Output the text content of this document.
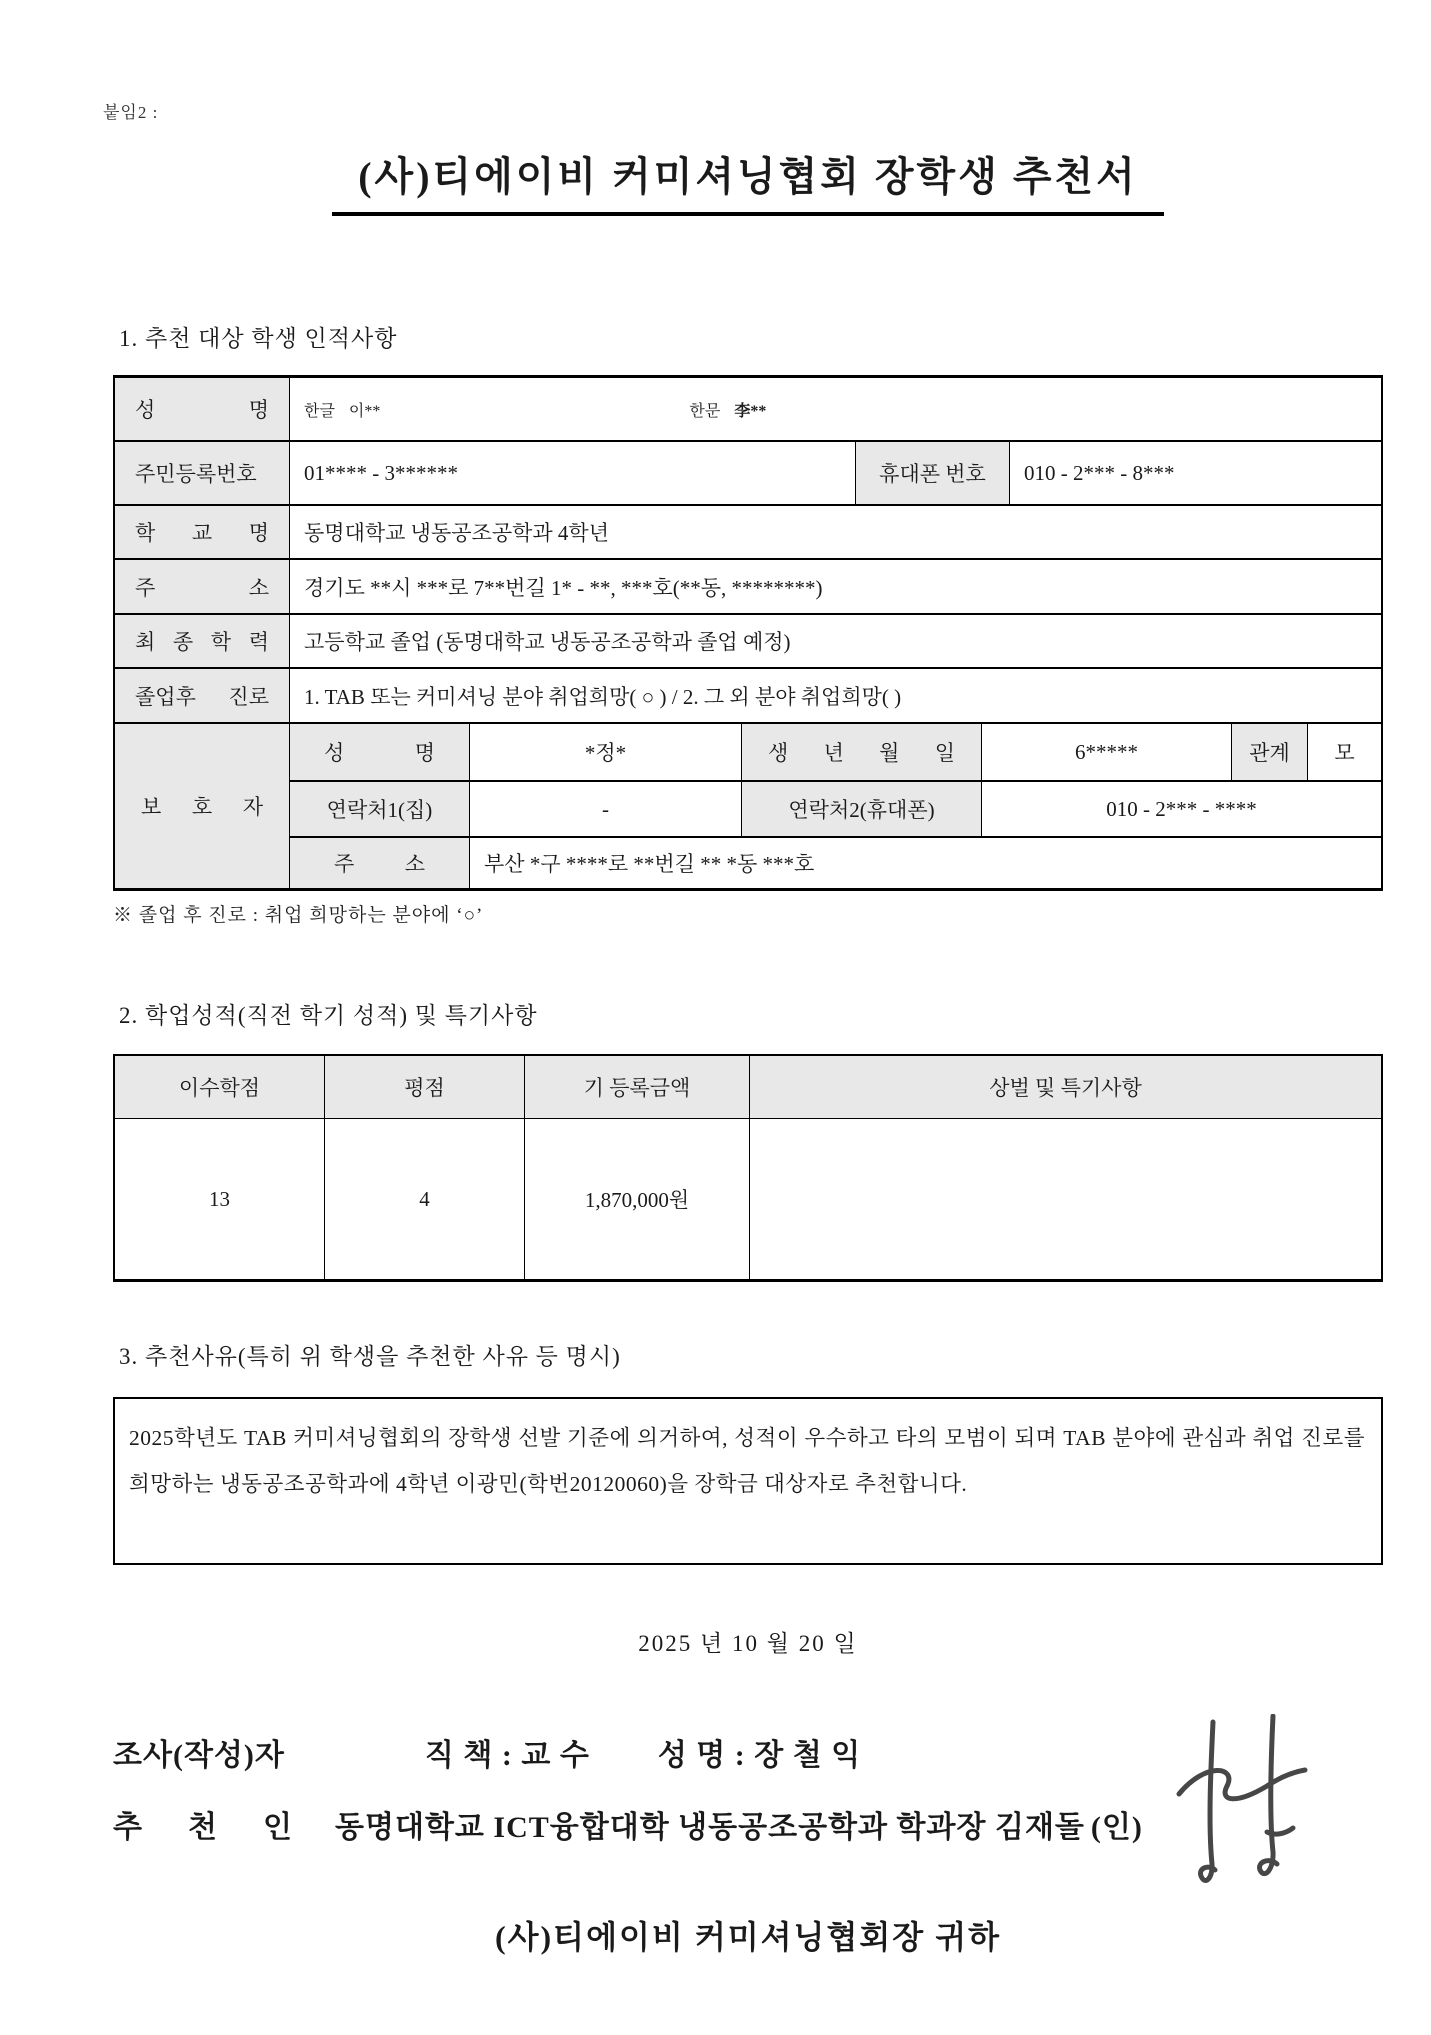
붙임2 :
(사)티에이비 커미셔닝협회 장학생 추천서
1. 추천 대상 학생 인적사항
성 명 한글 이**	한문 李**
주민등록번호	01**** - 3******	휴대폰 번호	010 - 2*** - 8***
학 교 명	동명대학교 냉동공조공학과 4학년
주 소	경기도 **시 ***로 7**번길 1* - **, ***호(**동, ********)
최 종 학 력	고등학교 졸업 (동명대학교 냉동공조공학과 졸업 예정)
졸업후 진로	1. TAB 또는 커미셔닝 분야 취업희망( ○ ) / 2. 그 외 분야 취업희망( )
보 호 자
성 명	*정*	생 년 월 일	6*****	관계	모
연락처1(집)	-	연락처2(휴대폰)	010 - 2*** - ****
주 소	부산 *구 ****로 **번길 ** *동 ***호
※ 졸업 후 진로 : 취업 희망하는 분야에 ‘○’
2. 학업성적(직전 학기 성적) 및 특기사항
이수학점	평점	기 등록금액	상벌 및 특기사항
13	4	1,870,000원
3. 추천사유(특히 위 학생을 추천한 사유 등 명시)
2025학년도 TAB 커미셔닝협회의 장학생 선발 기준에 의거하여, 성적이 우수하고 타의 모범이 되며 TAB 분야에 관심과 취업 진로를 희망하는 냉동공조공학과에 4학년 이광민(학번20120060)을 장학금 대상자로 추천합니다.
2025 년 10 월 20 일
조사(작성)자	직 책 : 교 수 성 명 : 장 철 익
추 천 인 동명대학교 ICT융합대학 냉동공조공학과 학과장 김재돌 (인)
(사)티에이비 커미셔닝협회장 귀하
